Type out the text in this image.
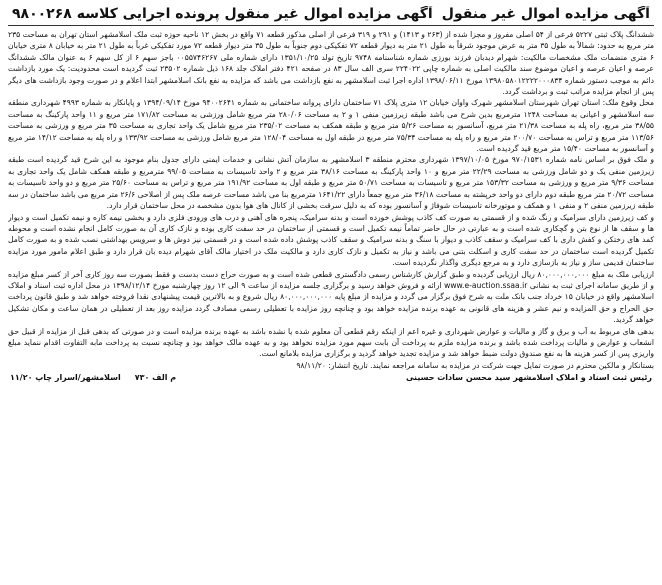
آگهی مزایده اموال غیر منقول
آگهی مزایده اموال غیر منقول پرونده اجرایی کلاسه ۹۸۰۰۲۶۸

ششدانگ پلاک ثبتی ۵۲۲۷ فرعی از ۵۴ اصلی مفروز و مجزا شده از (۲۶۳ و ۱۴۱۳) و ۲۹۱ و ۳۱۹ فرعی از اصلی مذکور قطعه ۷۱ واقع در بخش ۱۲ ناحیه حوزه ثبت ملک اسلامشهر استان تهران به مساحت ۲۳۵ متر مربع به حدود: شمالاً به طول ۳۵ متر به عرض موجود شرقاً به طول ۲۱ متر به دیوار قطعه ۷۲ تفکیکی دوم جنوباً به طول ۳۵ متر دیوار قطعه ۷۲ مورد تفکیکی غرباً به طول ۲۱ متر به خیابان ۸ متری خیابان ۶ متری منضمات ملک مشخصات مالکیت: شهرام دیدبان فرزند بورزی شماره شناسنامه ۹۷۴۸ تاریخ تولد ۱۳۵۱/۱۰/۲۵ دارای شماره ملی ۰۰۵۵۷۴۶۲۶۷ باجز سهم ۶ از کل سهم ۶ به عنوان مالک ششدانگ عرصه و اعیان عرصه و اعیان موضوع سند مالکیت اصلی به شماره چاپی ۲۲۴۰۲۲ سری الف سال ۸۳ در صفحه ۴۲۱ دفتر املاک جلد ۱۶۸ ذیل شماره ۲۳۵۰۲ ثبت گردیده است محدودیت: یک مورد بازداشت دائم به موجب دستور شماره ۱۳۹۸۰۵۸۰۱۲۲۲۲۰۰۰۸۳۴ مورخ ۱۳۹۸/۰۶/۱۱ اداره اجرا ثبت اسلامشهر به نفع بازداشت می باشد که مزایده به نفع بانک اسلامشهر ابتدا اعلام و در صورت وجود بازداشت های دیگر پس از انجام مزایده مراتب ثبت و برداشت گردد.

محل وقوع ملک: استان تهران شهرستان اسلامشهر شهرک واوان خیابان ۱۲ متری پلاک ۷۱ ساختمان دارای پروانه ساختمانی به شماره ۹۴۰۰۲۶۴۱ مورخ ۱۳۹۴/۰۹/۱۴ و پایانکار به شماره ۴۹۹۳ شهرداری منطقه سه اسلامشهر و اعیانی به مساحت ۱۲۴۸ مترمربع بدین شرح می باشد طبقه زیرزمین منفی ۱ و ۲ به مساحت ۲۸۰/۰۶ متر مربع شامل ورزشی به مساحت ۱۷۱/۸۲ متر مربع و ۱۱ واحد پارکینگ به مساحت ۳۸/۵۵ متر مربع، راه پله به مساحت ۲۱/۳۸ متر مربع، آسانسور به مساحت ۵/۲۶ متر مربع و طبقه همکف به مساحت ۲۳۵/۰۲ متر مربع شامل یک واحد تجاری به مساحت ۳۵ متر مربع و ورزشی به مساحت ۱۱۳/۵۶ متر مربع و تراس به مساحت ۲۰۰/۷۰ متر مربع و راه پله به مساحت ۷۵/۳۴ متر مربع در طبقه اول به مساحت ۱۲۸/۰۴ متر مربع شامل ورزشی به مساحت ۱۳۳/۹۲ و راه پله به مساحت ۱۴/۱۲ متر مربع و آسانسور به مساحت ۱۵/۴۰ متر مربع قید گردیده است.

و ملک فوق بر اساس نامه شماره ۹۷۰/۱۵۳۱ مورخ ۱۳۹۷/۱۰/۰۵ شهرداری محترم منطقه ۳ اسلامشهر به سازمان آتش نشانی و خدمات ایمنی دارای جدول بنام موجود به این شرح قید گردیده است طبقه زیرزمین منفی یک و دو شامل ورزشی به مساحت ۲۲/۲۹ متر مربع و ۱۰ واحد پارکینگ به مساحت ۳۸/۱۶ متر مربع و ۲ واحد تاسیسات به مساحت ۹۹/۰۵ مترمربع و طبقه همکف شامل یک واحد تجاری به مساحت ۹/۳۶ متر مربع و ورزشی به مساحت ۱۵۳/۳۲ متر مربع و تاسیسات به مساحت ۵۰/۷۱ متر مربع و طبقه اول به مساحت ۱۹۱/۹۲ متر مربع و تراس به مساحت ۲۵/۶۰ متر مربع و دو واحد تاسیسات به مساحت ۲۰/۷۲ متر مربع طبقه دوم دارای دو واحد خرپشته به مساحت ۳۶/۱۸ متر مربع جمعاً دارای ۱۶۴۱/۲۲ مترمربع بنا می باشد مساحت عرصه ملک پس از اصلاحی ۲۶/۶ متر مربع می باشد ساختمان در سه طبقه زیرزمین منفی ۲ و منفی ۱ و همکف و موتورخانه تاسیسات شوفاژ و آسانسور بوده که به دلیل سرقت بخشی از کانال های هوا بدون مشخصه در محل ساختمان قرار دارد.

و کف زیرزمین دارای سرامیک و رنگ شده و از قسمتی به صورت کف کاذب پوشش خورده است و بدنه سرامیک، پنجره های آهنی و درب های ورودی فلزی دارد و بخشی نیمه کاره و نیمه تکمیل است و دیوار ها و سقف ها از نوع بتن و گچکاری شده است و به عبارتی در حال حاضر تماماً نیمه تکمیل است و قسمتی از ساختمان در حد سفت کاری بوده و نازک کاری آن به صورت کامل انجام نشده است و محوطه کمد های رختکن و کفش داری با کف سرامیک و سقف کاذب و دیوار با سنگ و بدنه سرامیک و سقف کاذب پوشش داده شده است و در قسمتی نیز دوش ها و سرویس بهداشتی نصب شده و به صورت کامل تکمیل گردیده است ساختمان در حد سفت کاری و اسکلت بتنی می باشد و نیاز به تکمیل و نازک کاری دارد و مالکیت ملک در اختیار مالک آقای شهرام دیده بان قرار دارد و طبق اعلام مامور مورد مزایده ساختمان قدیمی ساز و نیاز به بازسازی دارد و به مرجع دیگری واگذار نگردیده است.

ارزیابی ملک به مبلغ ۸۰,۰۰۰,۰۰۰,۰۰۰ ریال ارزیابی گردیده و طبق گزارش کارشناس رسمی دادگستری قطعی شده است و به صورت حراج دست بدست و فقط بصورت سه روز کاری آخر از کسر مبلغ مزایده و از طریق سامانه اجرای ثبت به نشانی www.e-auction.ssaa.ir ارائه و فروش خواهد رسید و برگزاری جلسه مزایده از ساعت ۹ الی ۱۲ روز چهارشنبه مورخ ۱۳۹۸/۱۲/۱۴ در محل اداره ثبت اسناد و املاک اسلامشهر واقع در خیابان ۱۵ خرداد جنب بانک ملت به شرح فوق برگزار می گردد و مزایده از مبلغ پایه ۸۰,۰۰۰,۰۰۰,۰۰۰ ریال شروع و به بالاترین قیمت پیشنهادی نقدا فروخته خواهد شد و طبق قانون پرداخت حق الحراج و حق المزایده و نیم عشر و هزینه های قانونی به عهده برنده مزایده خواهد بود و چنانچه روز مزایده با تعطیلی رسمی مصادف گردد مزایده روز بعد از تعطیلی در همان ساعت و مکان تشکیل خواهد گردید.

بدهی های مربوط به آب و برق و گاز و مالیات و عوارض شهرداری و غیره اعم از اینکه رقم قطعی آن معلوم شده یا نشده باشد به عهده برنده مزایده است و در صورتی که بدهی قبل از مزایده از قبیل حق انشعاب و عوارض و مالیات پرداخت شده باشد و برنده مزایده ملزم به پرداخت آن بابت سهم مورد مزایده نخواهد بود و به عهده مالک خواهد بود و چنانچه نسبت به پرداخت مابه التفاوت اقدام ننماید مبلغ واریزی پس از کسر هزینه ها به نفع صندوق دولت ضبط خواهد شد و مزایده تجدید خواهد گردید و برگزاری مزایده بلامانع است.

بستانکار و مالکین محترم در صورت تمایل جهت شرکت در مزایده به سامانه مراجعه نمایند. تاریخ انتشار: ۹۸/۱۱/۲۰

رئیس ثبت اسناد و املاک اسلامشهر سید محسن سادات حسینی
م الف ۷۳۰
اسلامشهر/اسرار چاپ ۱۱/۲۰
